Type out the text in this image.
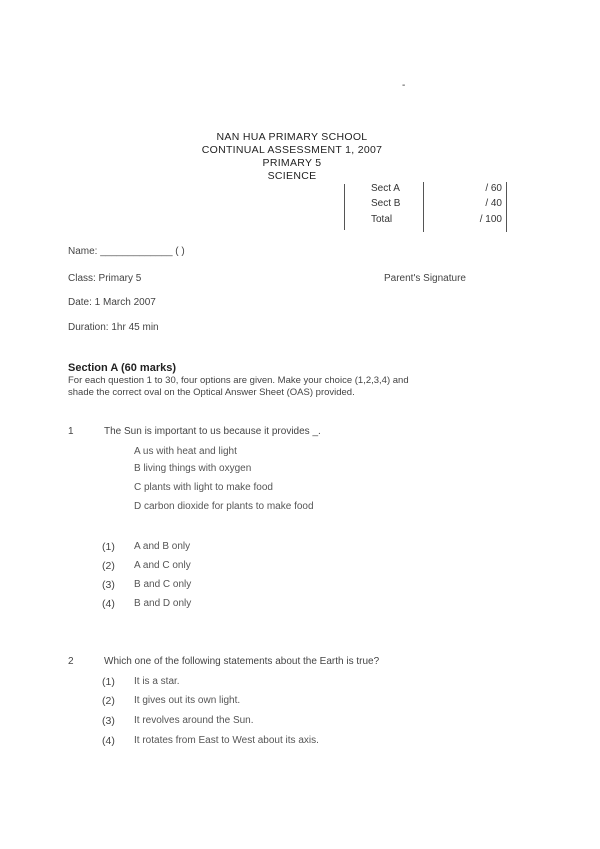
-
NAN HUA PRIMARY SCHOOL
CONTINUAL ASSESSMENT 1, 2007
PRIMARY 5
SCIENCE
Sect A	/ 60
Sect B	/ 40
Total	/ 100
Name: _____________ ( )
Class: Primary 5	Parent's Signature
Date: 1 March 2007
Duration: 1hr 45 min
Section A (60 marks)
For each question 1 to 30, four options are given. Make your choice (1,2,3,4) and
shade the correct oval on the Optical Answer Sheet (OAS) provided.
1	The Sun is important to us because it provides _.
A us with heat and light
B living things with oxygen
C plants with light to make food
D carbon dioxide for plants to make food
(1) A and B only
(2) A and C only
(3) B and C only
(4) B and D only
2	Which one of the following statements about the Earth is true?
(1) It is a star.
(2) It gives out its own light.
(3) It revolves around the Sun.
(4) It rotates from East to West about its axis.
